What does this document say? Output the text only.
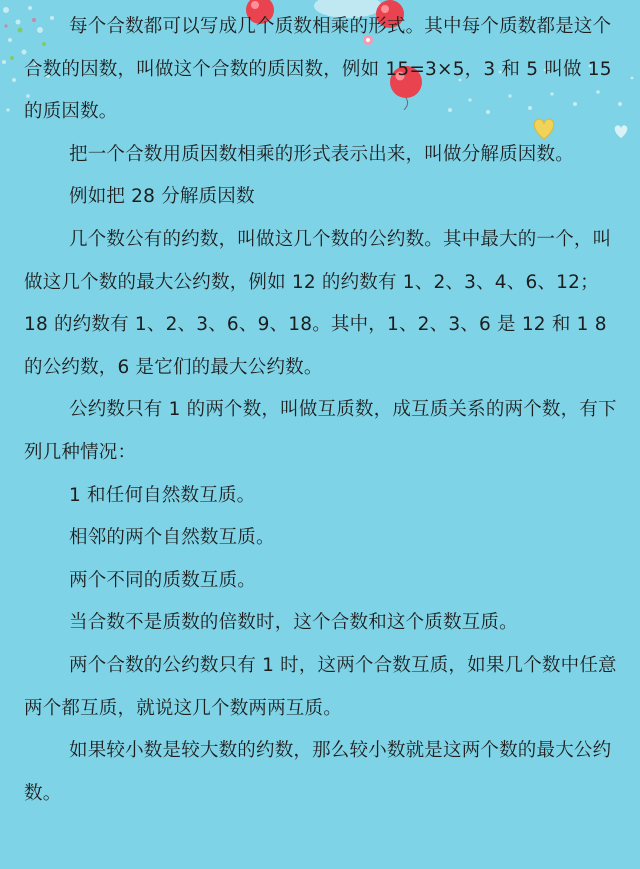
每个合数都可以写成几个质数相乘的形式。其中每个质数都是这个合数的因数，叫做这个合数的质因数，例如 15=3×5，3 和 5 叫做 15 的质因数。

把一个合数用质因数相乘的形式表示出来，叫做分解质因数。

例如把 28 分解质因数

几个数公有的约数，叫做这几个数的公约数。其中最大的一个，叫做这几个数的最大公约数，例如 12 的约数有 1、2、3、4、6、12；18 的约数有 1、2、3、6、9、18。其中，1、2、3、6 是 12 和 1 8 的公约数，6 是它们的最大公约数。

公约数只有 1 的两个数，叫做互质数，成互质关系的两个数，有下列几种情况：

1 和任何自然数互质。

相邻的两个自然数互质。

两个不同的质数互质。

当合数不是质数的倍数时，这个合数和这个质数互质。

两个合数的公约数只有 1 时，这两个合数互质，如果几个数中任意两个都互质，就说这几个数两两互质。

如果较小数是较大数的约数，那么较小数就是这两个数的最大公约数。
